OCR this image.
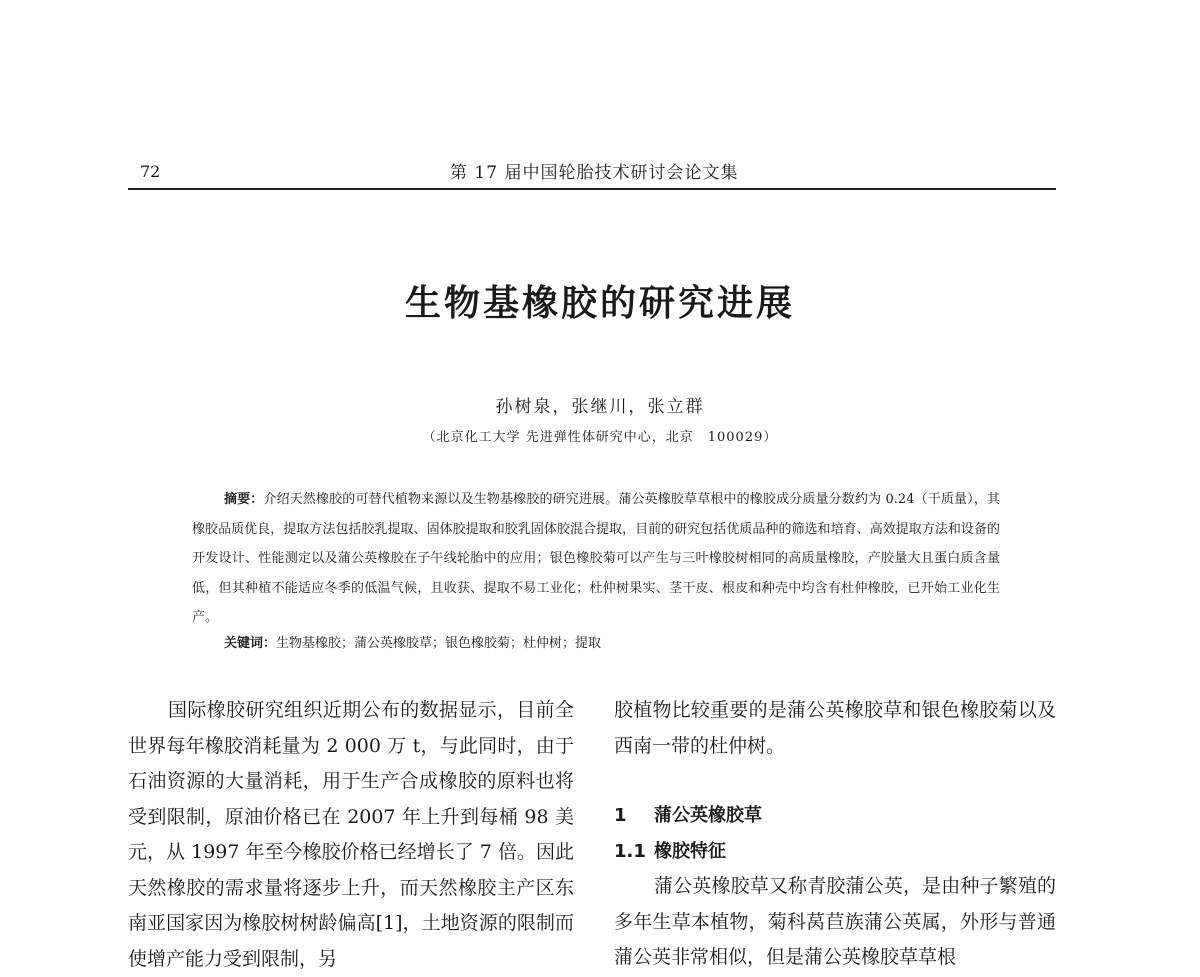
72	第 17 届中国轮胎技术研讨会论文集
生物基橡胶的研究进展
孙树泉，张继川，张立群
（北京化工大学 先进弹性体研究中心，北京　100029）
摘要：介绍天然橡胶的可替代植物来源以及生物基橡胶的研究进展。蒲公英橡胶草草根中的橡胶成分质量分数约为 0.24（干质量），其橡胶品质优良，提取方法包括胶乳提取、固体胶提取和胶乳固体胶混合提取，目前的研究包括优质品种的筛选和培育、高效提取方法和设备的开发设计、性能测定以及蒲公英橡胶在子午线轮胎中的应用；银色橡胶菊可以产生与三叶橡胶树相同的高质量橡胶，产胶量大且蛋白质含量低，但其种植不能适应冬季的低温气候，且收获、提取不易工业化；杜仲树果实、茎干皮、根皮和种壳中均含有杜仲橡胶，已开始工业化生产。
关键词：生物基橡胶；蒲公英橡胶草；银色橡胶菊；杜仲树；提取
国际橡胶研究组织近期公布的数据显示，目前全世界每年橡胶消耗量为 2 000 万 t，与此同时，由于石油资源的大量消耗，用于生产合成橡胶的原料也将受到限制，原油价格已在 2007 年上升到每桶 98 美元，从 1997 年至今橡胶价格已经增长了 7 倍。因此天然橡胶的需求量将逐步上升，而天然橡胶主产区东南亚国家因为橡胶树树龄偏高[1]，土地资源的限制而使增产能力受到限制，另
胶植物比较重要的是蒲公英橡胶草和银色橡胶菊以及西南一带的杜仲树。
1 蒲公英橡胶草
1.1 橡胶特征
蒲公英橡胶草又称青胶蒲公英，是由种子繁殖的多年生草本植物，菊科莴苣族蒲公英属，外形与普通蒲公英非常相似，但是蒲公英橡胶草草根
